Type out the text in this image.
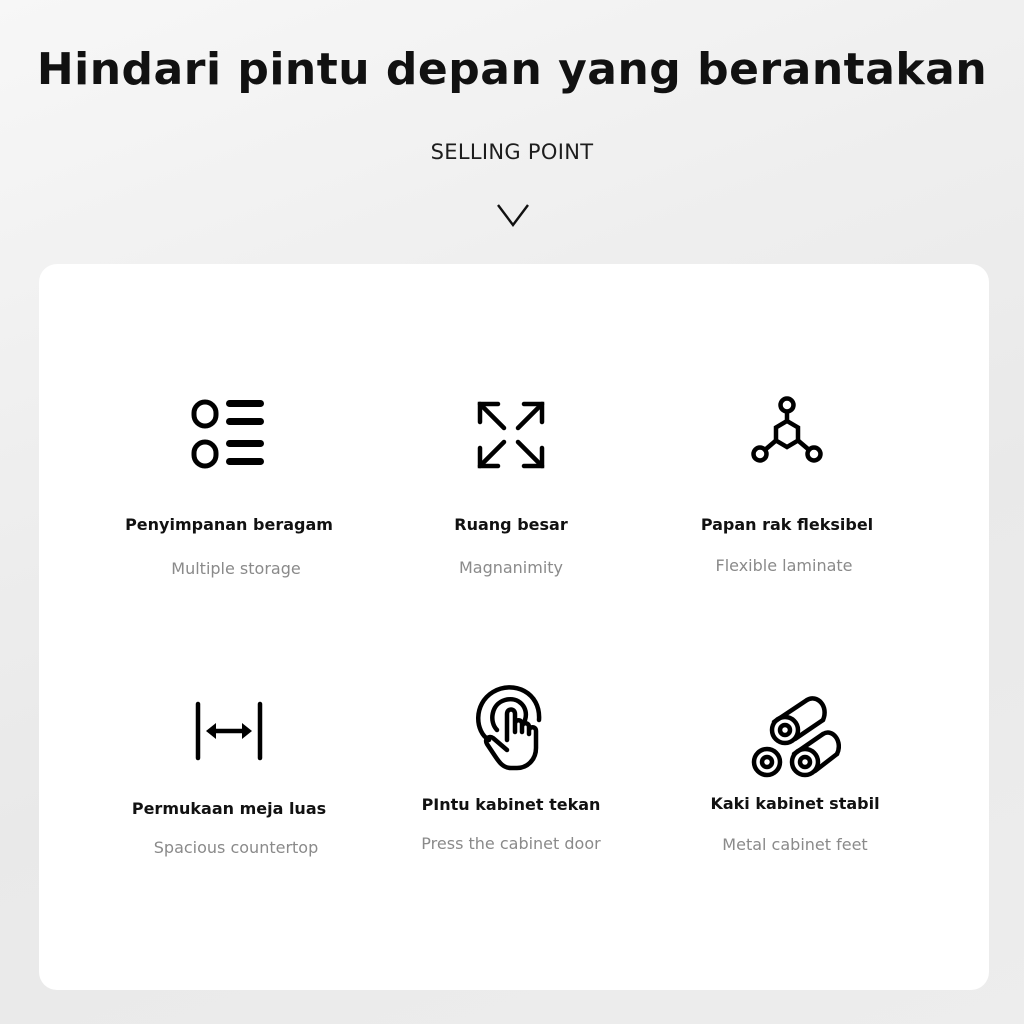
Hindari pintu depan yang berantakan
SELLING POINT
Penyimpanan beragam
Multiple storage
Ruang besar
Magnanimity
Papan rak fleksibel
Flexible laminate
Permukaan meja luas
Spacious countertop
PIntu kabinet tekan
Press the cabinet door
Kaki kabinet stabil
Metal cabinet feet
